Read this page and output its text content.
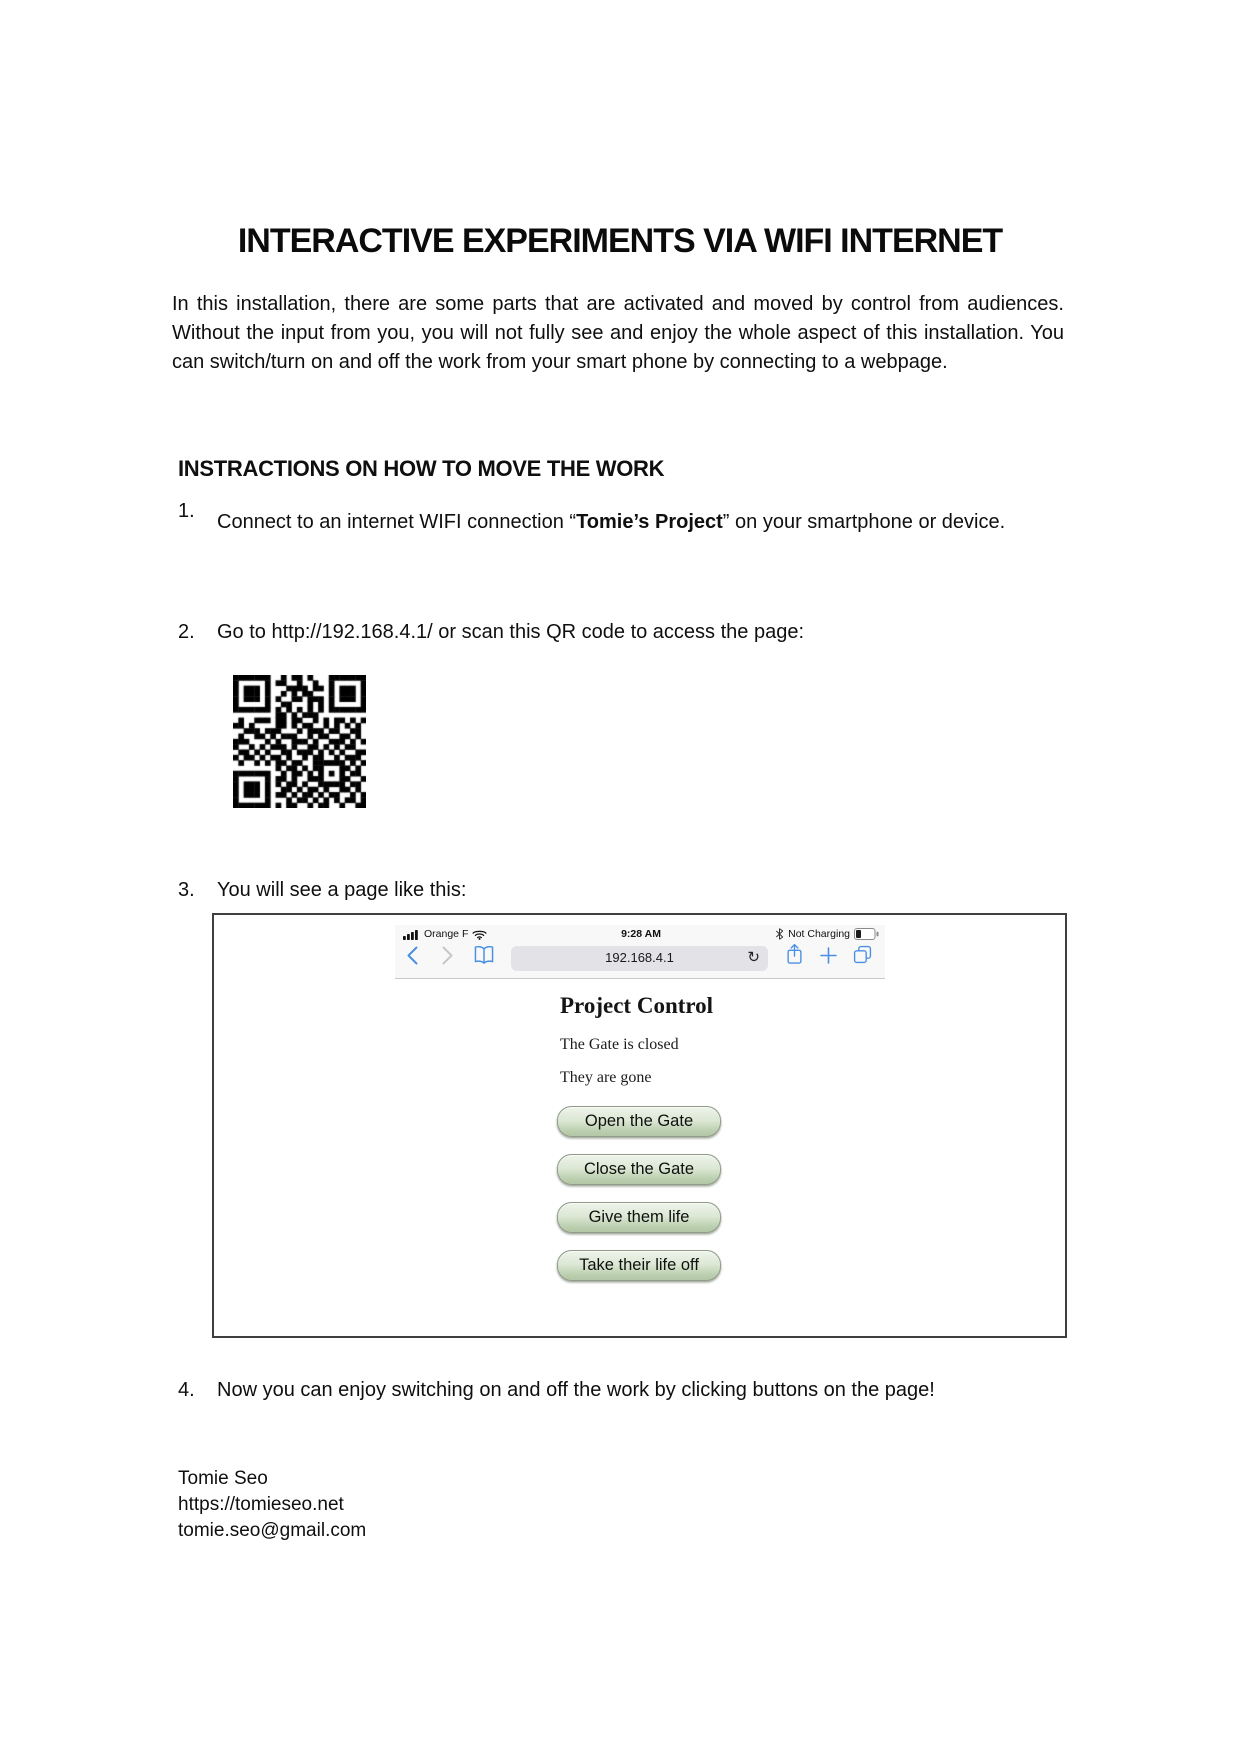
INTERACTIVE EXPERIMENTS VIA WIFI INTERNET
In this installation, there are some parts that are activated and moved by control from audiences. Without the input from you, you will not fully see and enjoy the whole aspect of this installation. You can switch/turn on and off the work from your smart phone by connecting to a webpage.
INSTRACTIONS ON HOW TO MOVE THE WORK
1. Connect to an internet WIFI connection “Tomie’s Project” on your smartphone or device.
2. Go to http://192.168.4.1/ or scan this QR code to access the page:
3. You will see a page like this:
Orange F	9:28 AM	Not Charging
192.168.4.1	↻
Project Control
The Gate is closed
They are gone
Open the Gate
Close the Gate
Give them life
Take their life off
4. Now you can enjoy switching on and off the work by clicking buttons on the page!
Tomie Seo
https://tomieseo.net
tomie.seo@gmail.com
